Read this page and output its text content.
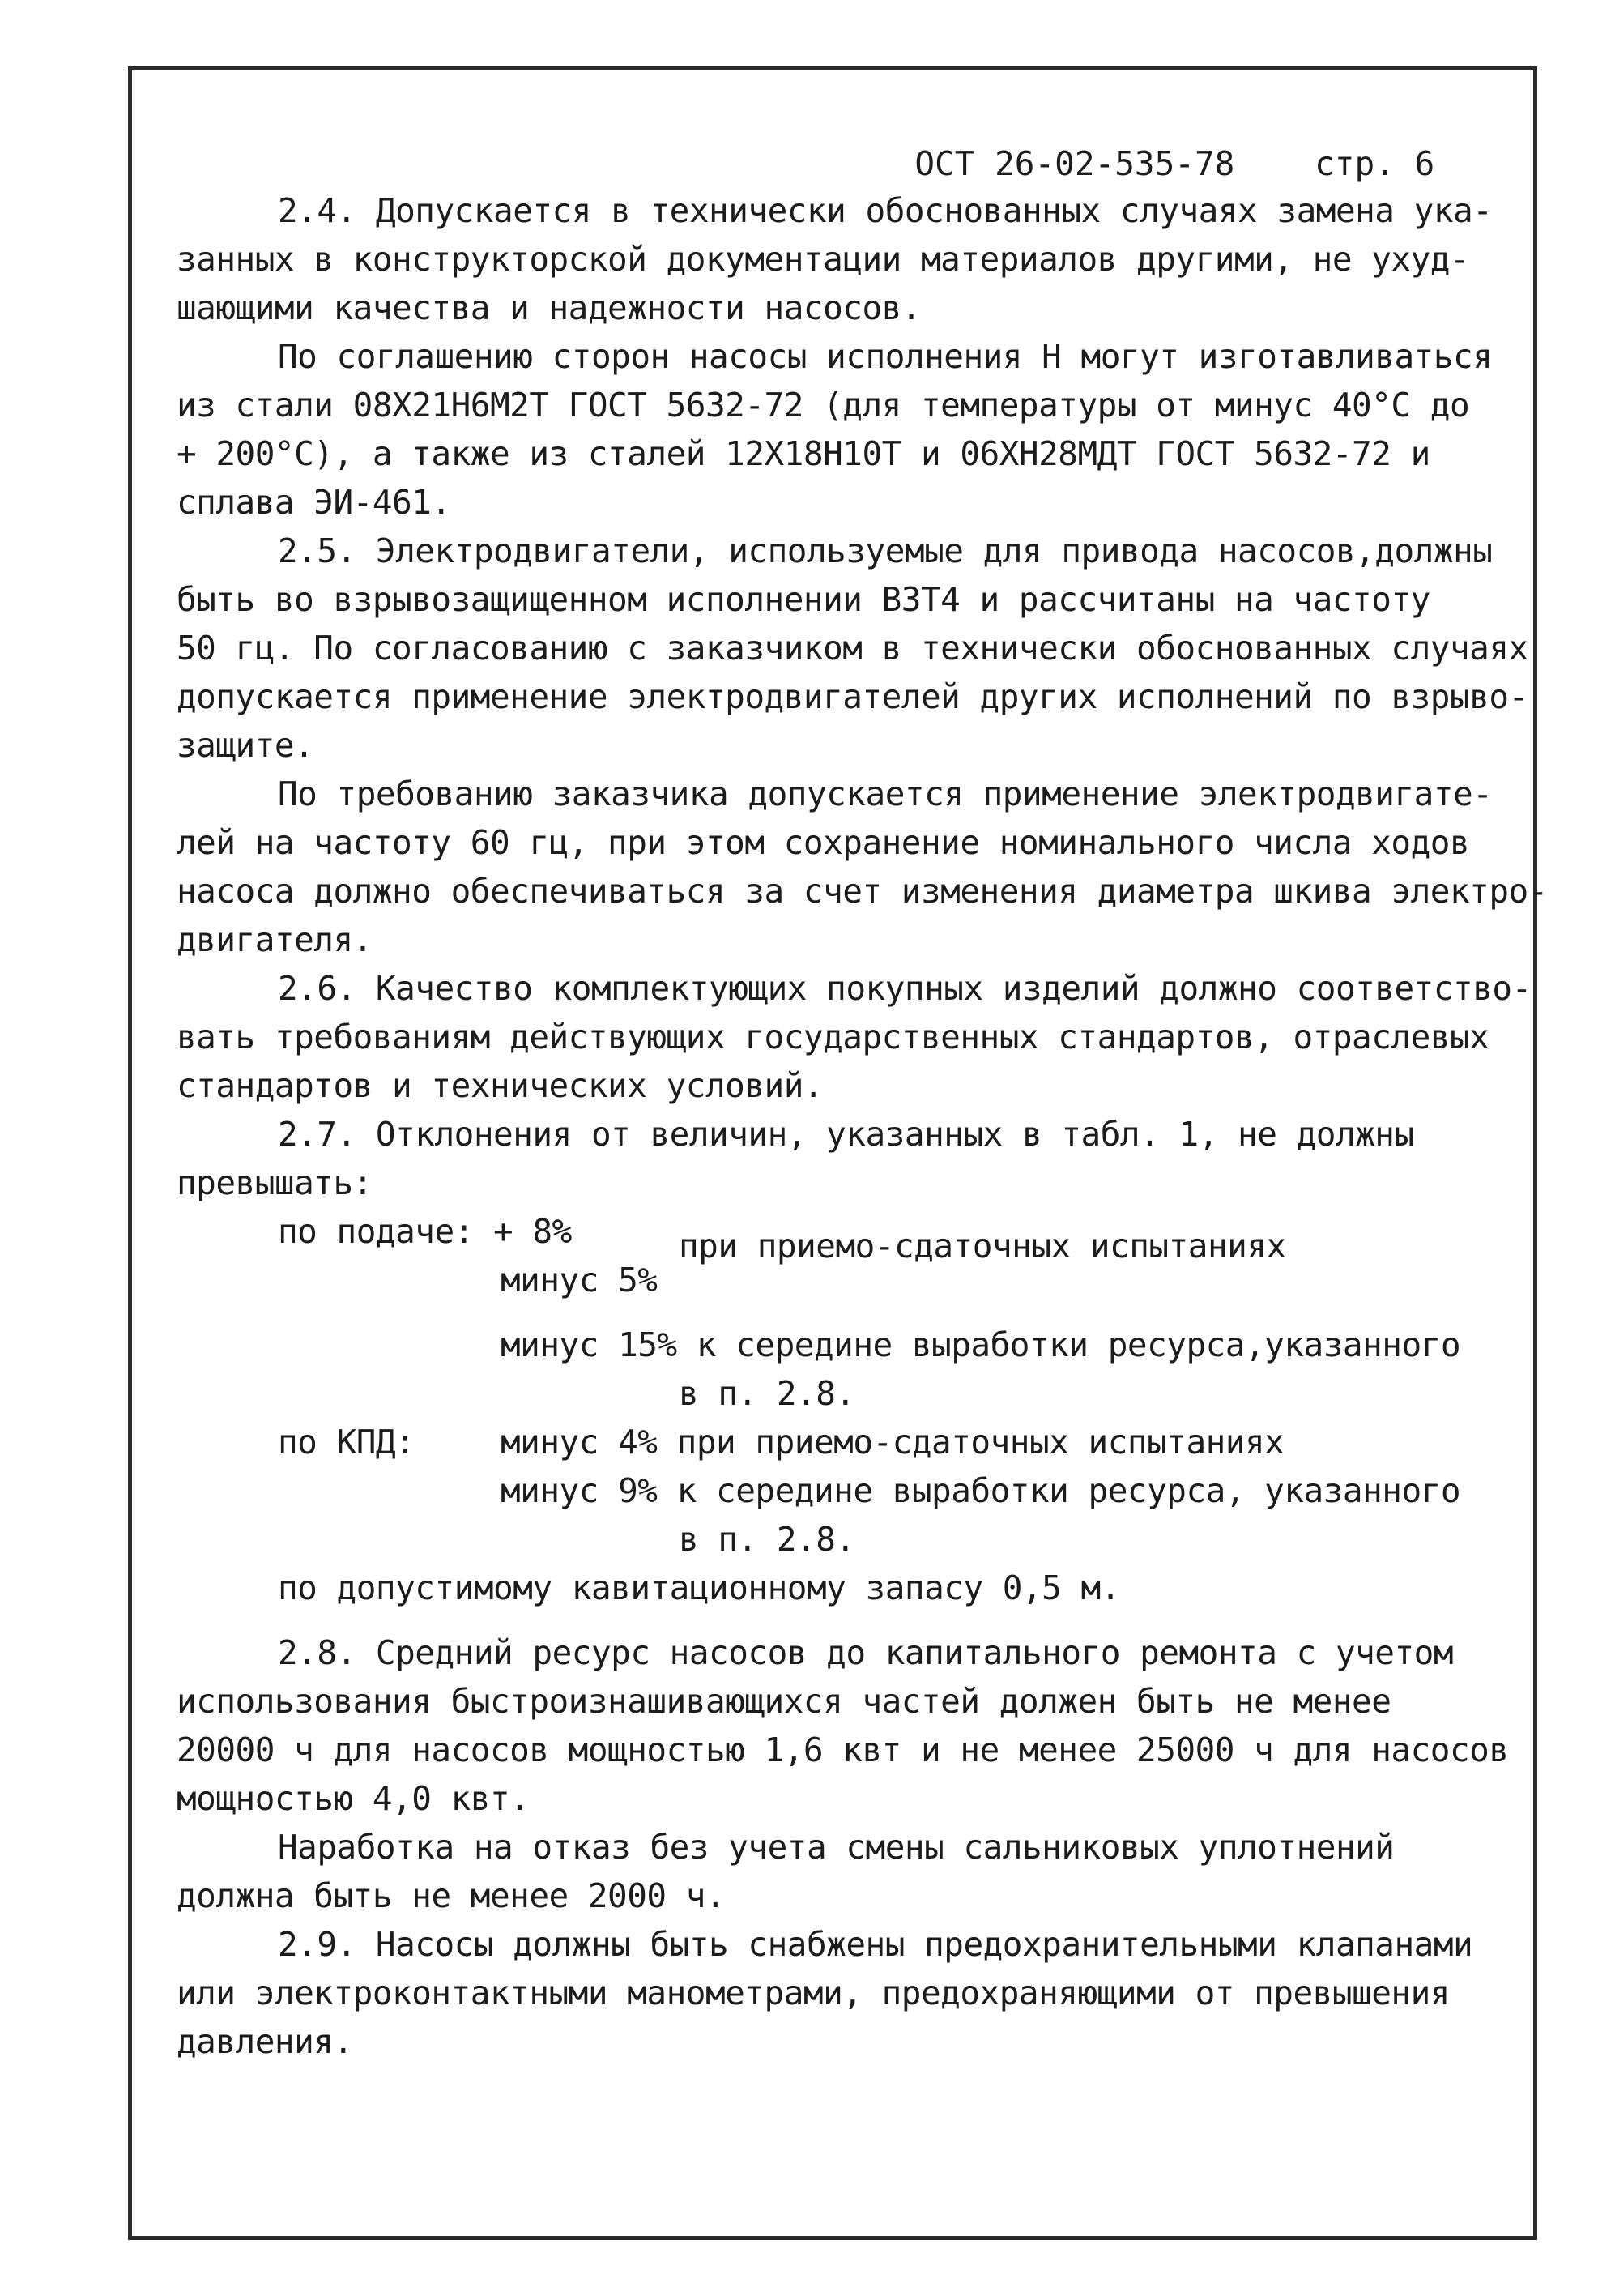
ОСТ 26-02-535-78 стр. 6

2.4. Допускается в технически обоснованных случаях замена ука-
занных в конструкторской документации материалов другими, не ухуд-
шающими качества и надежности насосов.
По соглашению сторон насосы исполнения Н могут изготавливаться
из стали 08Х21Н6М2Т ГОСТ 5632-72 (для температуры от минус 40°С до
+ 200°С), а также из сталей 12Х18Н10Т и 06ХН28МДТ ГОСТ 5632-72 и
сплава ЭИ-461.
2.5. Электродвигатели, используемые для привода насосов,должны
быть во взрывозащищенном исполнении ВЗТ4 и рассчитаны на частоту
50 гц. По согласованию с заказчиком в технически обоснованных случаях
допускается применение электродвигателей других исполнений по взрыво-
защите.
По требованию заказчика допускается применение электродвигате-
лей на частоту 60 гц, при этом сохранение номинального числа ходов
насоса должно обеспечиваться за счет изменения диаметра шкива электро-
двигателя.
2.6. Качество комплектующих покупных изделий должно соответство-
вать требованиям действующих государственных стандартов, отраслевых
стандартов и технических условий.
2.7. Отклонения от величин, указанных в табл. 1, не должны
превышать:
по подаче: + 8%	при приемо-сдаточных испытаниях
минус 5%
минус 15% к середине выработки ресурса,указанного
в п. 2.8.
по КПД:	минус 4% при приемо-сдаточных испытаниях
минус 9% к середине выработки ресурса, указанного
в п. 2.8.
по допустимому кавитационному запасу 0,5 м.
2.8. Средний ресурс насосов до капитального ремонта с учетом
использования быстроизнашивающихся частей должен быть не менее
20000 ч для насосов мощностью 1,6 квт и не менее 25000 ч для насосов
мощностью 4,0 квт.
Наработка на отказ без учета смены сальниковых уплотнений
должна быть не менее 2000 ч.
2.9. Насосы должны быть снабжены предохранительными клапанами
или электроконтактными манометрами, предохраняющими от превышения
давления.
